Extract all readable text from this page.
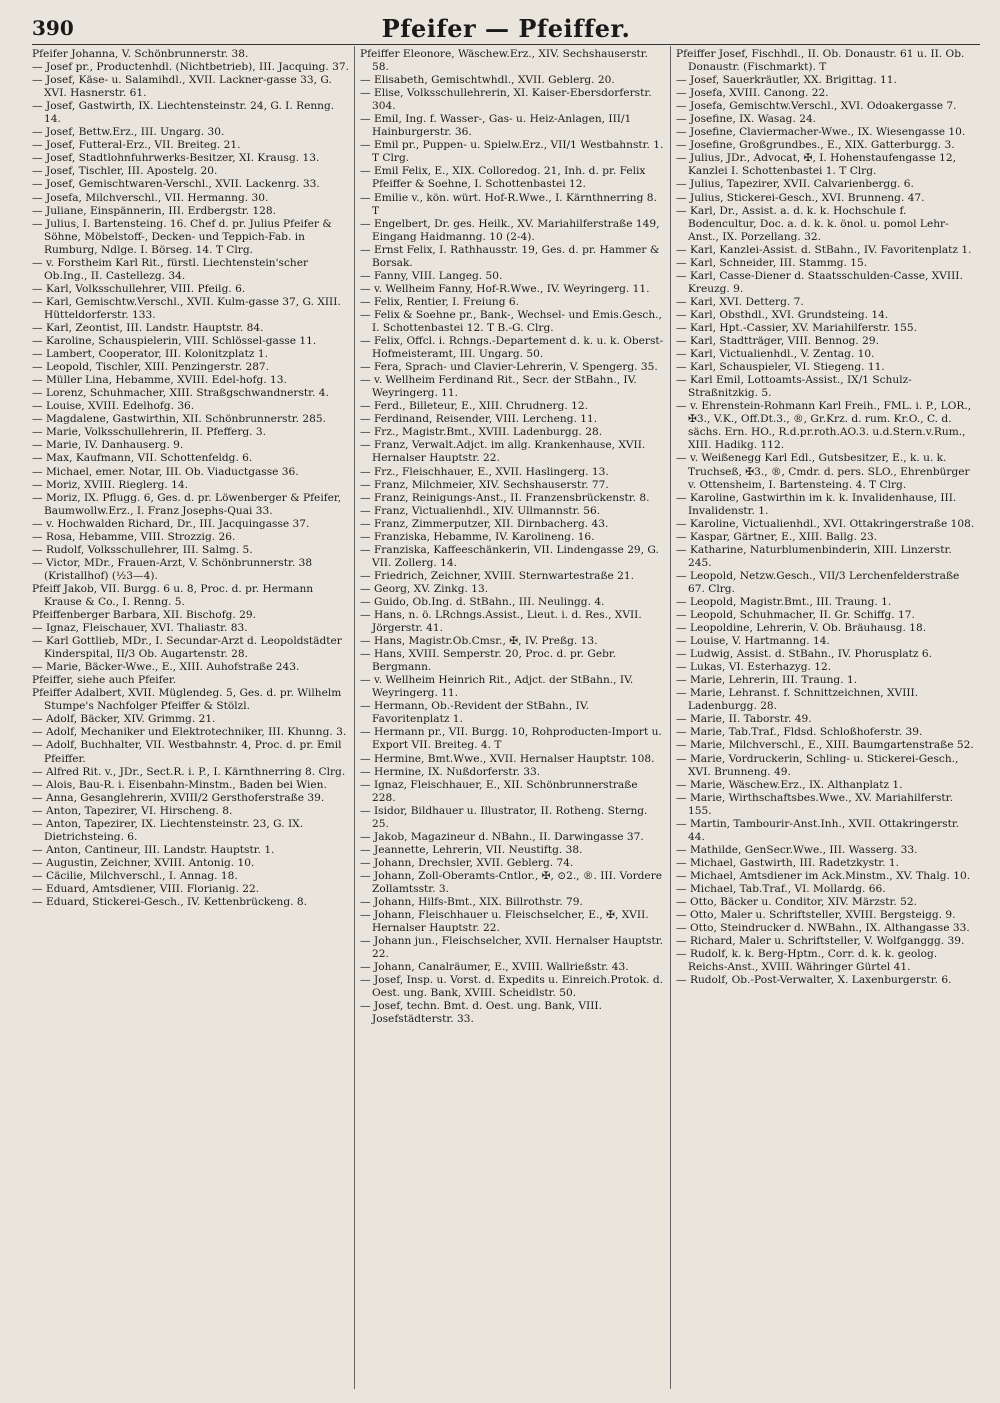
390	Pfeifer — Pfeiffer.

Pfeifer Johanna, V. Schönbrunnerstr. 38.

— Josef pr., Productenhdl. (Nichtbetrieb), III. Jacquing. 37.

— Josef, Käse- u. Salamihdl., XVII. Lackner-gasse 33, G. XVI. Hasnerstr. 61.

— Josef, Gastwirth, IX. Liechtensteinstr. 24, G. I. Renng. 14.

— Josef, Bettw.Erz., III. Ungarg. 30.

— Josef, Futteral-Erz., VII. Breiteg. 21.

— Josef, Stadtlohnfuhrwerks-Besitzer, XI. Krausg. 13.

— Josef, Tischler, III. Apostelg. 20.

— Josef, Gemischtwaren-Verschl., XVII. Lackenrg. 33.

— Josefa, Milchverschl., VII. Hermanng. 30.

— Juliane, Einspännerin, III. Erdbergstr. 128.

— Julius, I. Bartensteing. 16. Chef d. pr. Julius Pfeifer & Söhne, Möbelstoff-, Decken- und Teppich-Fab. in Rumburg, Ndlge. I. Börseg. 14. T Clrg.

— v. Forstheim Karl Rit., fürstl. Liechtenstein'scher Ob.Ing., II. Castellezg. 34.

— Karl, Volksschullehrer, VIII. Pfeilg. 6.

— Karl, Gemischtw.Verschl., XVII. Kulm-gasse 37, G. XIII. Hütteldorferstr. 133.

— Karl, Zeontist, III. Landstr. Hauptstr. 84.

— Karoline, Schauspielerin, VIII. Schlössel-gasse 11.

— Lambert, Cooperator, III. Kolonitzplatz 1.

— Leopold, Tischler, XIII. Penzingerstr. 287.

— Müller Lina, Hebamme, XVIII. Edel-hofg. 13.

— Lorenz, Schuhmacher, XIII. Straßgschwandnerstr. 4.

— Louise, XVIII. Edelhofg. 36.

— Magdalene, Gastwirthin, XII. Schönbrunnerstr. 285.

— Marie, Volksschullehrerin, II. Pfefferg. 3.

— Marie, IV. Danhauserg. 9.

— Max, Kaufmann, VII. Schottenfeldg. 6.

— Michael, emer. Notar, III. Ob. Viaductgasse 36.

— Moriz, XVIII. Rieglerg. 14.

— Moriz, IX. Pflugg. 6, Ges. d. pr. Löwenberger & Pfeifer, Baumwollw.Erz., I. Franz Josephs-Quai 33.

— v. Hochwalden Richard, Dr., III. Jacquingasse 37.

— Rosa, Hebamme, VIII. Strozzig. 26.

— Rudolf, Volksschullehrer, III. Salmg. 5.

— Victor, MDr., Frauen-Arzt, V. Schönbrunnerstr. 38 (Kristallhof) (½3—4).

Pfeiff Jakob, VII. Burgg. 6 u. 8, Proc. d. pr. Hermann Krause & Co., I. Renng. 5.

Pfeiffenberger Barbara, XII. Bischofg. 29.

— Ignaz, Fleischauer, XVI. Thaliastr. 83.

— Karl Gottlieb, MDr., I. Secundar-Arzt d. Leopoldstädter Kinderspital, II/3 Ob. Augartenstr. 28.

— Marie, Bäcker-Wwe., E., XIII. Auhofstraße 243.

Pfeiffer, siehe auch Pfeifer.

Pfeiffer Adalbert, XVII. Müglendeg. 5, Ges. d. pr. Wilhelm Stumpe's Nachfolger Pfeiffer & Stölzl.

— Adolf, Bäcker, XIV. Grimmg. 21.

— Adolf, Mechaniker und Elektrotechniker, III. Khunng. 3.

— Adolf, Buchhalter, VII. Westbahnstr. 4, Proc. d. pr. Emil Pfeiffer.

— Alfred Rit. v., JDr., Sect.R. i. P., I. Kärnthnerring 8. Clrg.

— Alois, Bau-R. i. Eisenbahn-Minstm., Baden bei Wien.

— Anna, Gesanglehrerin, XVIII/2 Gersthoferstraße 39.

— Anton, Tapezirer, VI. Hirscheng. 8.

— Anton, Tapezirer, IX. Liechtensteinstr. 23, G. IX. Dietrichsteing. 6.

— Anton, Cantineur, III. Landstr. Hauptstr. 1.

— Augustin, Zeichner, XVIII. Antonig. 10.

— Cäcilie, Milchverschl., I. Annag. 18.

— Eduard, Amtsdiener, VIII. Florianig. 22.

— Eduard, Stickerei-Gesch., IV. Kettenbrückeng. 8.

Pfeiffer Eleonore, Wäschew.Erz., XIV. Sechshauserstr. 58.

— Elisabeth, Gemischtwhdl., XVII. Geblerg. 20.

— Elise, Volksschullehrerin, XI. Kaiser-Ebersdorferstr. 304.

— Emil, Ing. f. Wasser-, Gas- u. Heiz-Anlagen, III/1 Hainburgerstr. 36.

— Emil pr., Puppen- u. Spielw.Erz., VII/1 Westbahnstr. 1. T Clrg.

— Emil Felix, E., XIX. Colloredog. 21, Inh. d. pr. Felix Pfeiffer & Soehne, I. Schottenbastei 12.

— Emilie v., kön. würt. Hof-R.Wwe., I. Kärnthnerring 8. T

— Engelbert, Dr. ges. Heilk., XV. Mariahilferstraße 149, Eingang Haidmanng. 10 (2-4).

— Ernst Felix, I. Rathhausstr. 19, Ges. d. pr. Hammer & Borsak.

— Fanny, VIII. Langeg. 50.

— v. Wellheim Fanny, Hof-R.Wwe., IV. Weyringerg. 11.

— Felix, Rentier, I. Freiung 6.

— Felix & Soehne pr., Bank-, Wechsel- und Emis.Gesch., I. Schottenbastei 12. T B.-G. Clrg.

— Felix, Offcl. i. Rchngs.-Departement d. k. u. k. Oberst-Hofmeisteramt, III. Ungarg. 50.

— Fera, Sprach- und Clavier-Lehrerin, V. Spengerg. 35.

— v. Wellheim Ferdinand Rit., Secr. der StBahn., IV. Weyringerg. 11.

— Ferd., Billeteur, E., XIII. Chrudnerg. 12.

— Ferdinand, Reisender, VIII. Lercheng. 11.

— Frz., Magistr.Bmt., XVIII. Ladenburgg. 28.

— Franz, Verwalt.Adjct. im allg. Krankenhause, XVII. Hernalser Hauptstr. 22.

— Frz., Fleischhauer, E., XVII. Haslingerg. 13.

— Franz, Milchmeier, XIV. Sechshauserstr. 77.

— Franz, Reinigungs-Anst., II. Franzensbrückenstr. 8.

— Franz, Victualienhdl., XIV. Ullmannstr. 56.

— Franz, Zimmerputzer, XII. Dirnbacherg. 43.

— Franziska, Hebamme, IV. Karolineng. 16.

— Franziska, Kaffeeschänkerin, VII. Lindengasse 29, G. VII. Zollerg. 14.

— Friedrich, Zeichner, XVIII. Sternwartestraße 21.

— Georg, XV. Zinkg. 13.

— Guido, Ob.Ing. d. StBahn., III. Neulingg. 4.

— Hans, n. ö. LRchngs.Assist., Lieut. i. d. Res., XVII. Jörgerstr. 41.

— Hans, Magistr.Ob.Cmsr., ✠, IV. Preßg. 13.

— Hans, XVIII. Semperstr. 20, Proc. d. pr. Gebr. Bergmann.

— v. Wellheim Heinrich Rit., Adjct. der StBahn., IV. Weyringerg. 11.

— Hermann, Ob.-Revident der StBahn., IV. Favoritenplatz 1.

— Hermann pr., VII. Burgg. 10, Rohproducten-Import u. Export VII. Breiteg. 4. T

— Hermine, Bmt.Wwe., XVII. Hernalser Hauptstr. 108.

— Hermine, IX. Nußdorferstr. 33.

— Ignaz, Fleischhauer, E., XII. Schönbrunnerstraße 228.

— Isidor, Bildhauer u. Illustrator, II. Rotheng. Sterng. 25.

— Jakob, Magazineur d. NBahn., II. Darwingasse 37.

— Jeannette, Lehrerin, VII. Neustiftg. 38.

— Johann, Drechsler, XVII. Geblerg. 74.

— Johann, Zoll-Oberamts-Cntlor., ✠, ⊙2., ®. III. Vordere Zollamtsstr. 3.

— Johann, Hilfs-Bmt., XIX. Billrothstr. 79.

— Johann, Fleischhauer u. Fleischselcher, E., ✠, XVII. Hernalser Hauptstr. 22.

— Johann jun., Fleischselcher, XVII. Hernalser Hauptstr. 22.

— Johann, Canalräumer, E., XVIII. Wallrießstr. 43.

— Josef, Insp. u. Vorst. d. Expedits u. Einreich.Protok. d. Oest. ung. Bank, XVIII. Scheidlstr. 50.

— Josef, techn. Bmt. d. Oest. ung. Bank, VIII. Josefstädterstr. 33.

Pfeiffer Josef, Fischhdl., II. Ob. Donaustr. 61 u. II. Ob. Donaustr. (Fischmarkt). T

— Josef, Sauerkräutler, XX. Brigittag. 11.

— Josefa, XVIII. Canong. 22.

— Josefa, Gemischtw.Verschl., XVI. Odoakergasse 7.

— Josefine, IX. Wasag. 24.

— Josefine, Claviermacher-Wwe., IX. Wiesengasse 10.

— Josefine, Großgrundbes., E., XIX. Gatterburgg. 3.

— Julius, JDr., Advocat, ✠, I. Hohenstaufengasse 12, Kanzlei I. Schottenbastei 1. T Clrg.

— Julius, Tapezirer, XVII. Calvarienbergg. 6.

— Julius, Stickerei-Gesch., XVI. Brunneng. 47.

— Karl, Dr., Assist. a. d. k. k. Hochschule f. Bodencultur, Doc. a. d. k. k. önol. u. pomol Lehr-Anst., IX. Porzellang. 32.

— Karl, Kanzlei-Assist. d. StBahn., IV. Favoritenplatz 1.

— Karl, Schneider, III. Stammg. 15.

— Karl, Casse-Diener d. Staatsschulden-Casse, XVIII. Kreuzg. 9.

— Karl, XVI. Detterg. 7.

— Karl, Obsthdl., XVI. Grundsteing. 14.

— Karl, Hpt.-Cassier, XV. Mariahilferstr. 155.

— Karl, Stadtträger, VIII. Bennog. 29.

— Karl, Victualienhdl., V. Zentag. 10.

— Karl, Schauspieler, VI. Stiegeng. 11.

— Karl Emil, Lottoamts-Assist., IX/1 Schulz-Straßnitzkig. 5.

— v. Ehrenstein-Rohmann Karl Freih., FML. i. P., LOR., ✠3., V.K., Off.Dt.3., ®, Gr.Krz. d. rum. Kr.O., C. d. sächs. Ern. HO., R.d.pr.roth.AO.3. u.d.Stern.v.Rum., XIII. Hadikg. 112.

— v. Weißenegg Karl Edl., Gutsbesitzer, E., k. u. k. Truchseß, ✠3., ®, Cmdr. d. pers. SLO., Ehrenbürger v. Ottensheim, I. Bartensteing. 4. T Clrg.

— Karoline, Gastwirthin im k. k. Invalidenhause, III. Invalidenstr. 1.

— Karoline, Victualienhdl., XVI. Ottakringerstraße 108.

— Kaspar, Gärtner, E., XIII. Ballg. 23.

— Katharine, Naturblumenbinderin, XIII. Linzerstr. 245.

— Leopold, Netzw.Gesch., VII/3 Lerchenfelderstraße 67. Clrg.

— Leopold, Magistr.Bmt., III. Traung. 1.

— Leopold, Schuhmacher, II. Gr. Schiffg. 17.

— Leopoldine, Lehrerin, V. Ob. Bräuhausg. 18.

— Louise, V. Hartmanng. 14.

— Ludwig, Assist. d. StBahn., IV. Phorusplatz 6.

— Lukas, VI. Esterhazyg. 12.

— Marie, Lehrerin, III. Traung. 1.

— Marie, Lehranst. f. Schnittzeichnen, XVIII. Ladenburgg. 28.

— Marie, II. Taborstr. 49.

— Marie, Tab.Traf., Fldsd. Schloßhoferstr. 39.

— Marie, Milchverschl., E., XIII. Baumgartenstraße 52.

— Marie, Vordruckerin, Schling- u. Stickerei-Gesch., XVI. Brunneng. 49.

— Marie, Wäschew.Erz., IX. Althanplatz 1.

— Marie, Wirthschaftsbes.Wwe., XV. Mariahilferstr. 155.

— Martin, Tambourir-Anst.Inh., XVII. Ottakringerstr. 44.

— Mathilde, GenSecr.Wwe., III. Wasserg. 33.

— Michael, Gastwirth, III. Radetzkystr. 1.

— Michael, Amtsdiener im Ack.Minstm., XV. Thalg. 10.

— Michael, Tab.Traf., VI. Mollardg. 66.

— Otto, Bäcker u. Conditor, XIV. Märzstr. 52.

— Otto, Maler u. Schriftsteller, XVIII. Bergsteigg. 9.

— Otto, Steindrucker d. NWBahn., IX. Althangasse 33.

— Richard, Maler u. Schriftsteller, V. Wolfganggg. 39.

— Rudolf, k. k. Berg-Hptm., Corr. d. k. k. geolog. Reichs-Anst., XVIII. Währinger Gürtel 41.

— Rudolf, Ob.-Post-Verwalter, X. Laxenburgerstr. 6.
